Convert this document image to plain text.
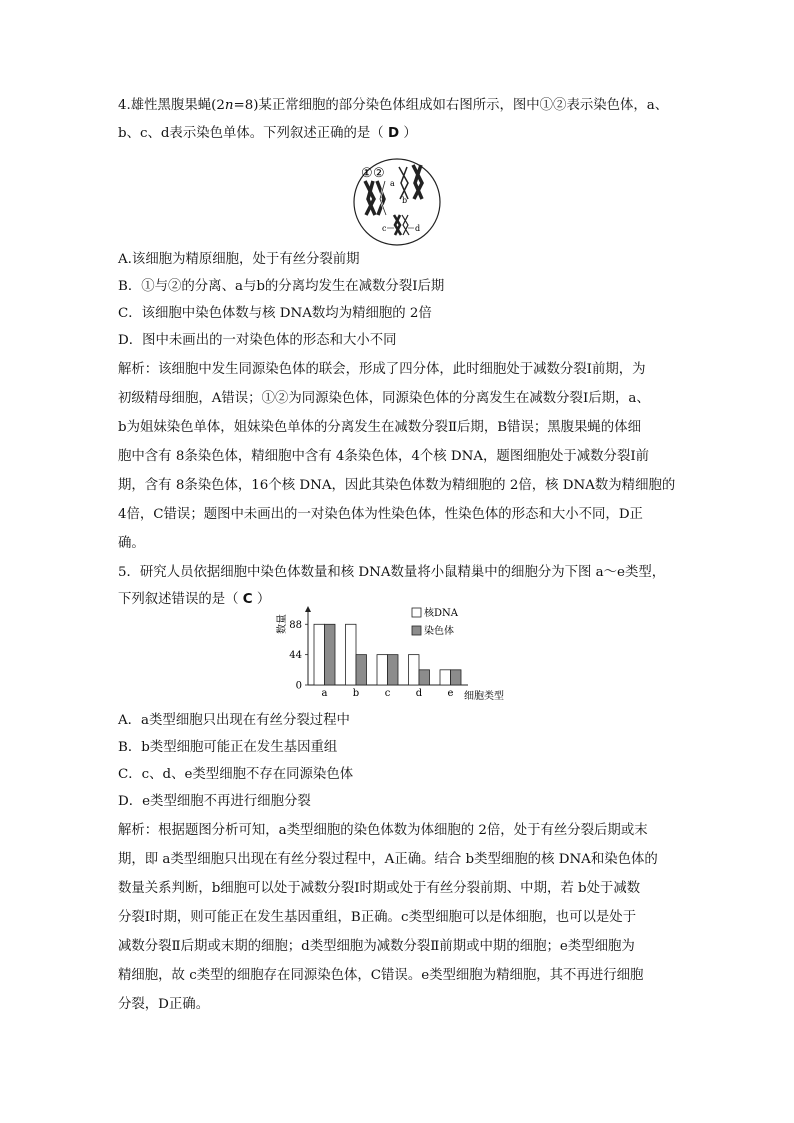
4.雄性黑腹果蝇(2n=8)某正常细胞的部分染色体组成如右图所示，图中①②表示染色体，a、
b、c、d表示染色单体。下列叙述正确的是（ D ）
① ②
a
b
c	d
A.该细胞为精原细胞，处于有丝分裂前期
B．①与②的分离、a与b的分离均发生在减数分裂Ⅰ后期
C．该细胞中染色体数与核 DNA数均为精细胞的 2倍
D．图中未画出的一对染色体的形态和大小不同
解析：该细胞中发生同源染色体的联会，形成了四分体，此时细胞处于减数分裂Ⅰ前期，为
初级精母细胞，A错误；①②为同源染色体，同源染色体的分离发生在减数分裂Ⅰ后期，a、
b为姐妹染色单体，姐妹染色单体的分离发生在减数分裂Ⅱ后期，B错误；黑腹果蝇的体细
胞中含有 8条染色体，精细胞中含有 4条染色体，4个核 DNA，题图细胞处于减数分裂Ⅰ前
期，含有 8条染色体，16个核 DNA，因此其染色体数为精细胞的 2倍，核 DNA数为精细胞的
4倍，C错误；题图中未画出的一对染色体为性染色体，性染色体的形态和大小不同，D正
确。
5．研究人员依据细胞中染色体数量和核 DNA数量将小鼠精巢中的细胞分为下图 a～e类型，
下列叙述错误的是（ C ）
数量
0
44
88
a	b	c	d	e 细胞类型
核DNA
染色体
A．a类型细胞只出现在有丝分裂过程中
B．b类型细胞可能正在发生基因重组
C．c、d、e类型细胞不存在同源染色体
D．e类型细胞不再进行细胞分裂
解析：根据题图分析可知，a类型细胞的染色体数为体细胞的 2倍，处于有丝分裂后期或末
期，即 a类型细胞只出现在有丝分裂过程中，A正确。结合 b类型细胞的核 DNA和染色体的
数量关系判断，b细胞可以处于减数分裂Ⅰ时期或处于有丝分裂前期、中期，若 b处于减数
分裂Ⅰ时期，则可能正在发生基因重组，B正确。c类型细胞可以是体细胞，也可以是处于
减数分裂Ⅱ后期或末期的细胞；d类型细胞为减数分裂Ⅱ前期或中期的细胞；e类型细胞为
精细胞，故 c类型的细胞存在同源染色体，C错误。e类型细胞为精细胞，其不再进行细胞
分裂，D正确。
